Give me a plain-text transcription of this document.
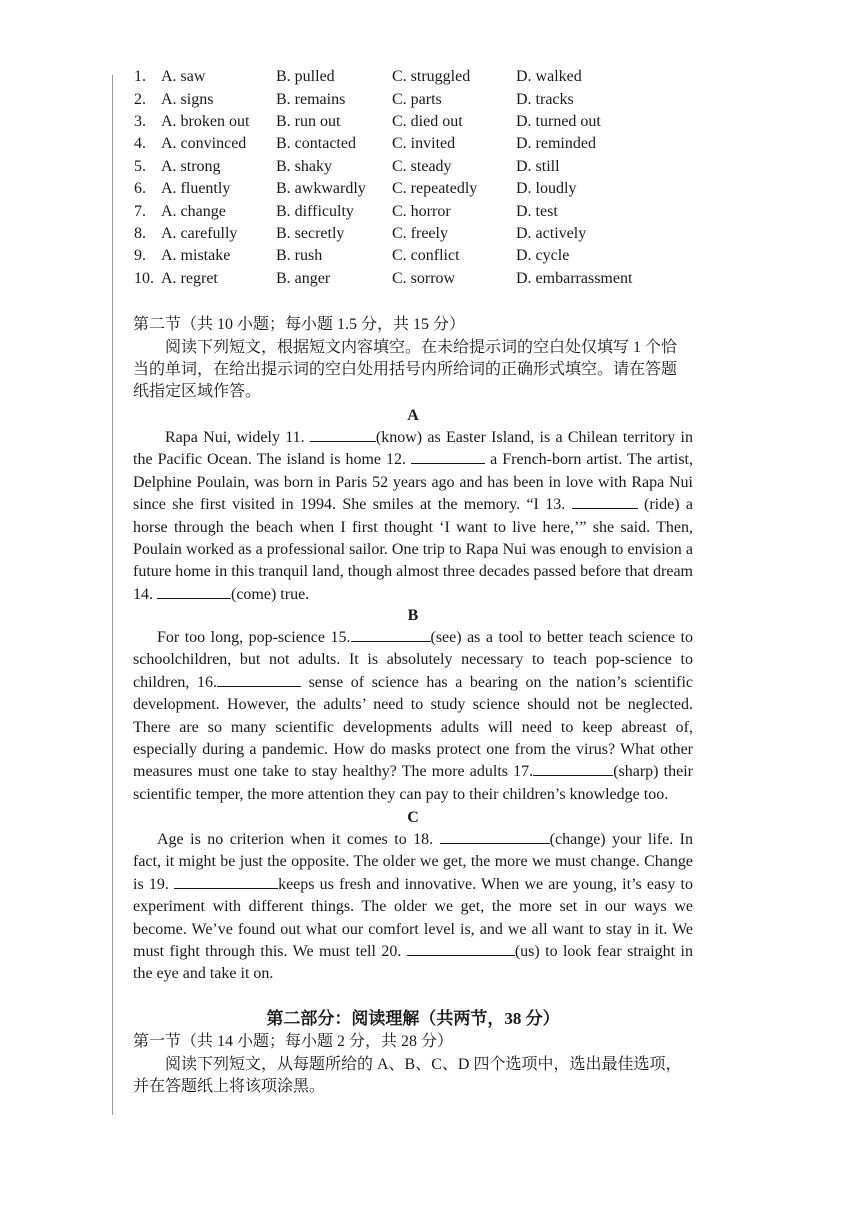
1.	A. saw	B. pulled	C. struggled	D. walked
2.	A. signs	B. remains	C. parts	D. tracks
3.	A. broken out	B. run out	C. died out	D. turned out
4.	A. convinced	B. contacted	C. invited	D. reminded
5.	A. strong	B. shaky	C. steady	D. still
6.	A. fluently	B. awkwardly	C. repeatedly	D. loudly
7.	A. change	B. difficulty	C. horror	D. test
8.	A. carefully	B. secretly	C. freely	D. actively
9.	A. mistake	B. rush	C. conflict	D. cycle
10.	A. regret	B. anger	C. sorrow	D. embarrassment
第二节（共 10 小题；每小题 1.5 分，共 15 分）

阅读下列短文，根据短文内容填空。在未给提示词的空白处仅填写 1 个恰

当的单词，在给出提示词的空白处用括号内所给词的正确形式填空。请在答题

纸指定区域作答。

A

Rapa Nui, widely 11.	(know) as Easter Island, is a Chilean territory in the Pacific Ocean. The island is home 12.	a French-born artist. The artist, Delphine Poulain, was born in Paris 52 years ago and has been in love with Rapa Nui since she first visited in 1994. She smiles at the memory. “I 13.	(ride) a horse through the beach when I first thought ‘I want to live here,’” she said. Then, Poulain worked as a professional sailor. One trip to Rapa Nui was enough to envision a future home in this tranquil land, though almost three decades passed before that dream 14.	(come) true.

B

For too long, pop-science 15.	(see) as a tool to better teach science to schoolchildren, but not adults. It is absolutely necessary to teach pop-science to children, 16.	sense of science has a bearing on the nation’s scientific development. However, the adults’ need to study science should not be neglected. There are so many scientific developments adults will need to keep abreast of, especially during a pandemic. How do masks protect one from the virus? What other measures must one take to stay healthy? The more adults 17.	(sharp) their scientific temper, the more attention they can pay to their children’s knowledge too.

C

Age is no criterion when it comes to 18.	(change) your life. In fact, it might be just the opposite. The older we get, the more we must change. Change is 19.	keeps us fresh and innovative. When we are young, it’s easy to experiment with different things. The older we get, the more set in our ways we become. We’ve found out what our comfort level is, and we all want to stay in it. We must fight through this. We must tell 20.	(us) to look fear straight in the eye and take it on.

第二部分：阅读理解（共两节，38 分）
第一节（共 14 小题；每小题 2 分，共 28 分）

阅读下列短文，从每题所给的 A、B、C、D 四个选项中，选出最佳选项，

并在答题纸上将该项涂黑。
